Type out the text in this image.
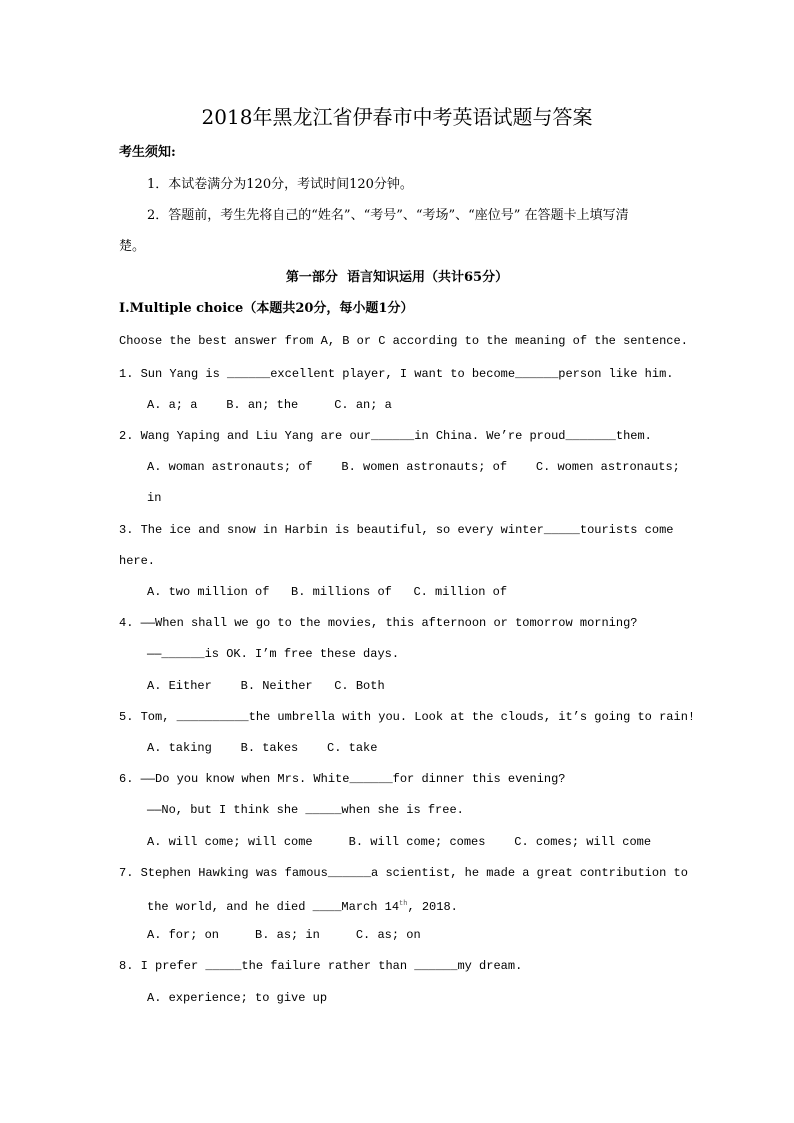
2018年黑龙江省伊春市中考英语试题与答案
考生须知:
1．本试卷满分为120分，考试时间120分钟。
2．答题前，考生先将自己的“姓名”、“考号”、“考场”、“座位号” 在答题卡上填写清
楚。
第一部分  语言知识运用（共计65分）
Ⅰ.Multiple choice（本题共20分，每小题1分）
Choose the best answer from A, B or C according to the meaning of the sentence.
1. Sun Yang is ______excellent player, I want to become______person like him.
A. a; a    B. an; the     C. an; a
2. Wang Yaping and Liu Yang are our______in China. We’re proud_______them.
A. woman astronauts; of    B. women astronauts; of    C. women astronauts;
in
3. The ice and snow in Harbin is beautiful, so every winter_____tourists come
here.
A. two million of   B. millions of   C. million of
4. ——When shall we go to the movies, this afternoon or tomorrow morning?
——______is OK. I’m free these days.
A. Either    B. Neither   C. Both
5. Tom, __________the umbrella with you. Look at the clouds, it’s going to rain!
A. taking    B. takes    C. take
6. ——Do you know when Mrs. White______for dinner this evening?
——No, but I think she _____when she is free.
A. will come; will come     B. will come; comes    C. comes; will come
7. Stephen Hawking was famous______a scientist, he made a great contribution to
the world, and he died ____March 14th, 2018.
A. for; on     B. as; in     C. as; on
8. I prefer _____the failure rather than ______my dream.
A. experience; to give up
